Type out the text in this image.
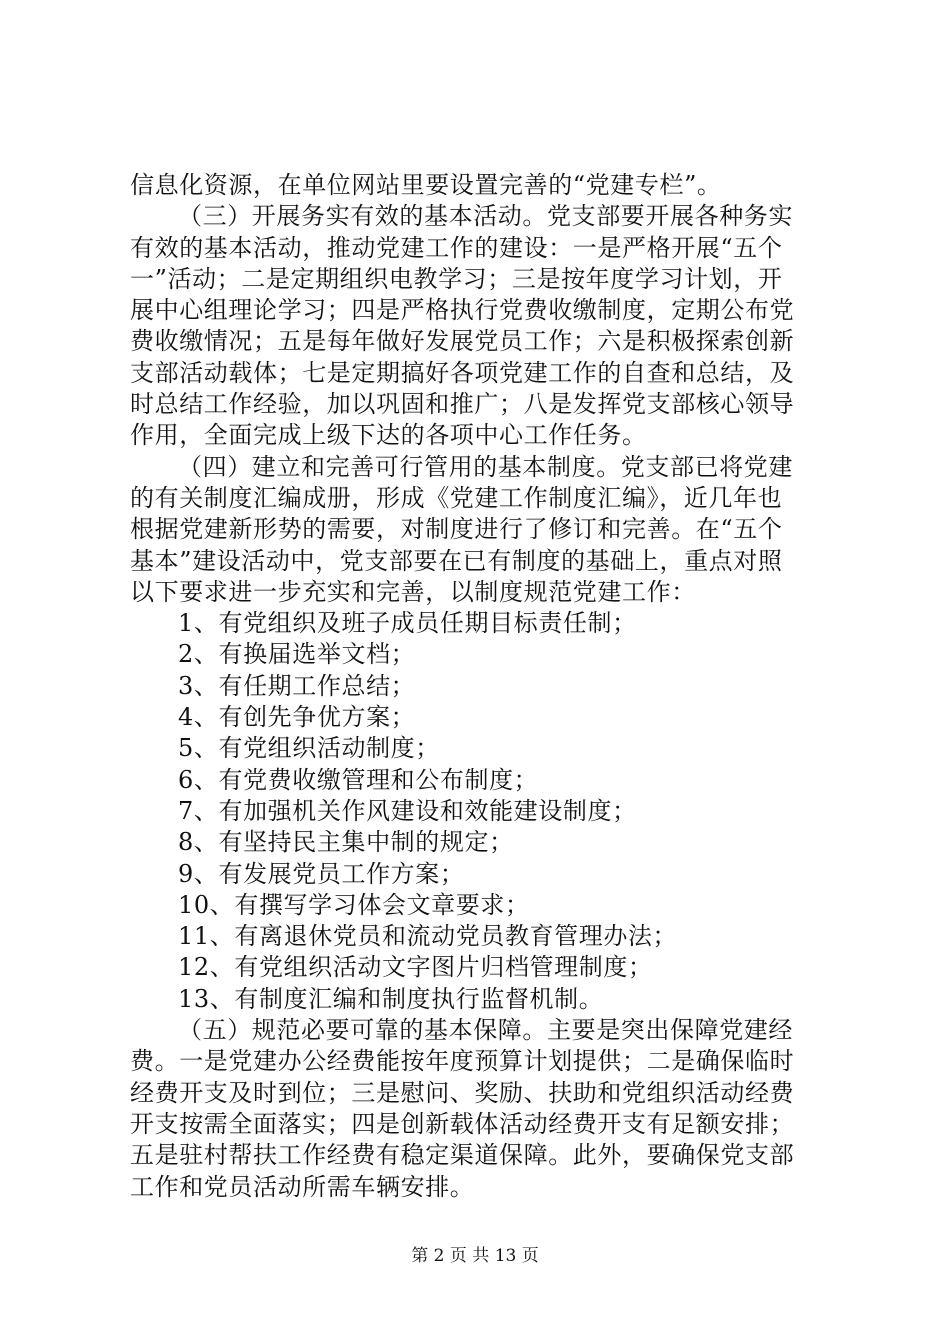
信息化资源，在单位网站里要设置完善的“党建专栏”。
（三）开展务实有效的基本活动。党支部要开展各种务实
有效的基本活动，推动党建工作的建设：一是严格开展“五个
一”活动；二是定期组织电教学习；三是按年度学习计划，开
展中心组理论学习；四是严格执行党费收缴制度，定期公布党
费收缴情况；五是每年做好发展党员工作；六是积极探索创新
支部活动载体；七是定期搞好各项党建工作的自查和总结，及
时总结工作经验，加以巩固和推广；八是发挥党支部核心领导
作用，全面完成上级下达的各项中心工作任务。
（四）建立和完善可行管用的基本制度。党支部已将党建
的有关制度汇编成册，形成《党建工作制度汇编》，近几年也
根据党建新形势的需要，对制度进行了修订和完善。在“五个
基本”建设活动中，党支部要在已有制度的基础上，重点对照
以下要求进一步充实和完善，以制度规范党建工作：
1、有党组织及班子成员任期目标责任制；
2、有换届选举文档；
3、有任期工作总结；
4、有创先争优方案；
5、有党组织活动制度；
6、有党费收缴管理和公布制度；
7、有加强机关作风建设和效能建设制度；
8、有坚持民主集中制的规定；
9、有发展党员工作方案；
10、有撰写学习体会文章要求；
11、有离退休党员和流动党员教育管理办法；
12、有党组织活动文字图片归档管理制度；
13、有制度汇编和制度执行监督机制。
（五）规范必要可靠的基本保障。主要是突出保障党建经
费。一是党建办公经费能按年度预算计划提供；二是确保临时
经费开支及时到位；三是慰问、奖励、扶助和党组织活动经费
开支按需全面落实；四是创新载体活动经费开支有足额安排；
五是驻村帮扶工作经费有稳定渠道保障。此外，要确保党支部
工作和党员活动所需车辆安排。
第 2 页 共 13 页
